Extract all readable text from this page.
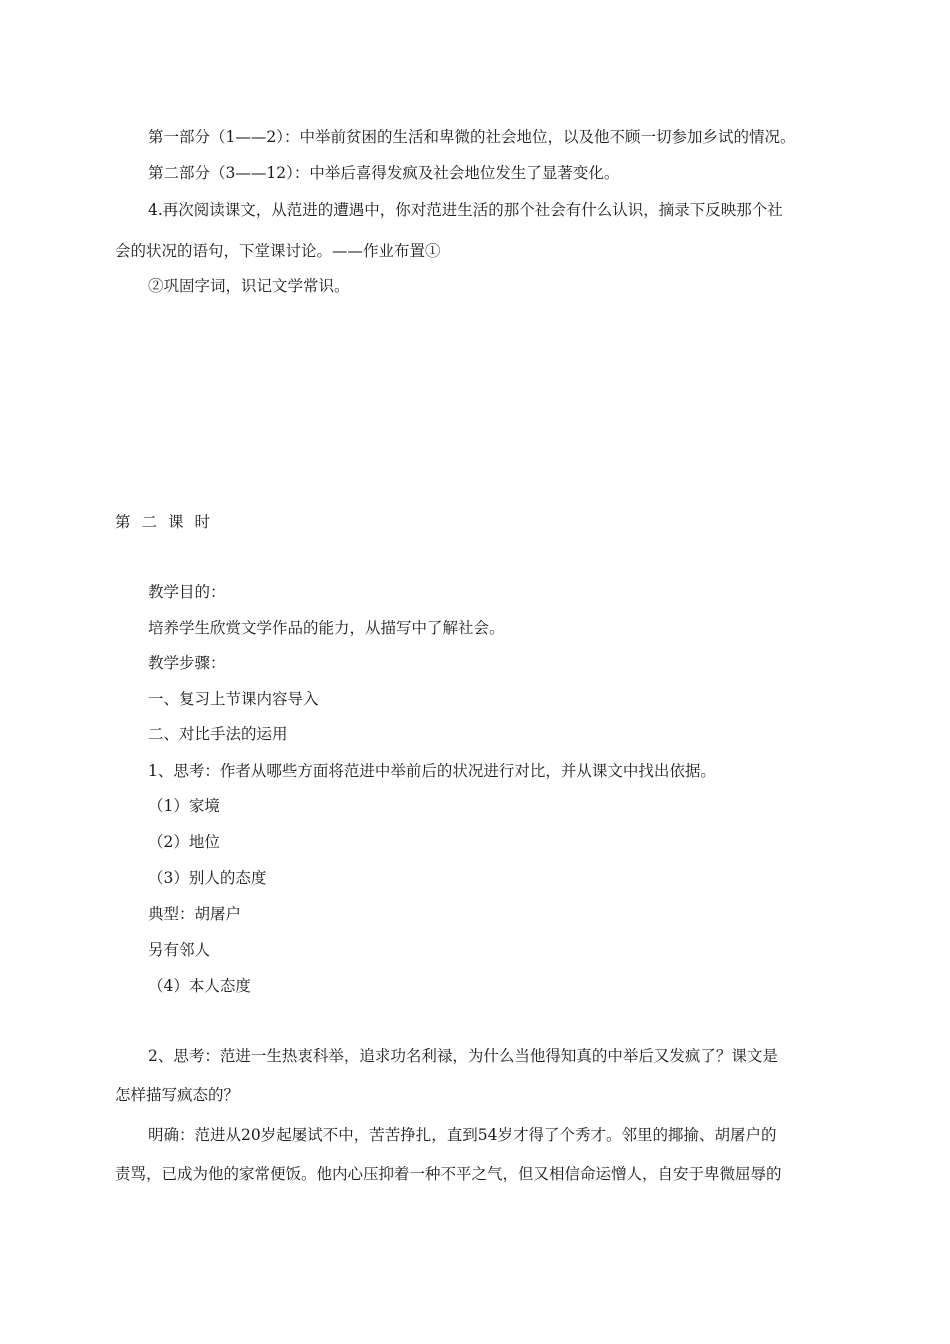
第一部分（1——2）：中举前贫困的生活和卑微的社会地位，以及他不顾一切参加乡试的情况。
第二部分（3——12）：中举后喜得发疯及社会地位发生了显著变化。
4.再次阅读课文，从范进的遭遇中，你对范进生活的那个社会有什么认识，摘录下反映那个社
会的状况的语句，下堂课讨论。——作业布置①
②巩固字词，识记文学常识。
第二课时
教学目的：
培养学生欣赏文学作品的能力，从描写中了解社会。
教学步骤：
一、复习上节课内容导入
二、对比手法的运用
1、思考：作者从哪些方面将范进中举前后的状况进行对比，并从课文中找出依据。
（1）家境
（2）地位
（3）别人的态度
典型：胡屠户
另有邻人
（4）本人态度
2、思考：范进一生热衷科举，追求功名利禄，为什么当他得知真的中举后又发疯了？课文是
怎样描写疯态的？
明确：范进从20岁起屡试不中，苦苦挣扎，直到54岁才得了个秀才。邻里的揶揄、胡屠户的
责骂，已成为他的家常便饭。他内心压抑着一种不平之气，但又相信命运憎人，自安于卑微屈辱的
